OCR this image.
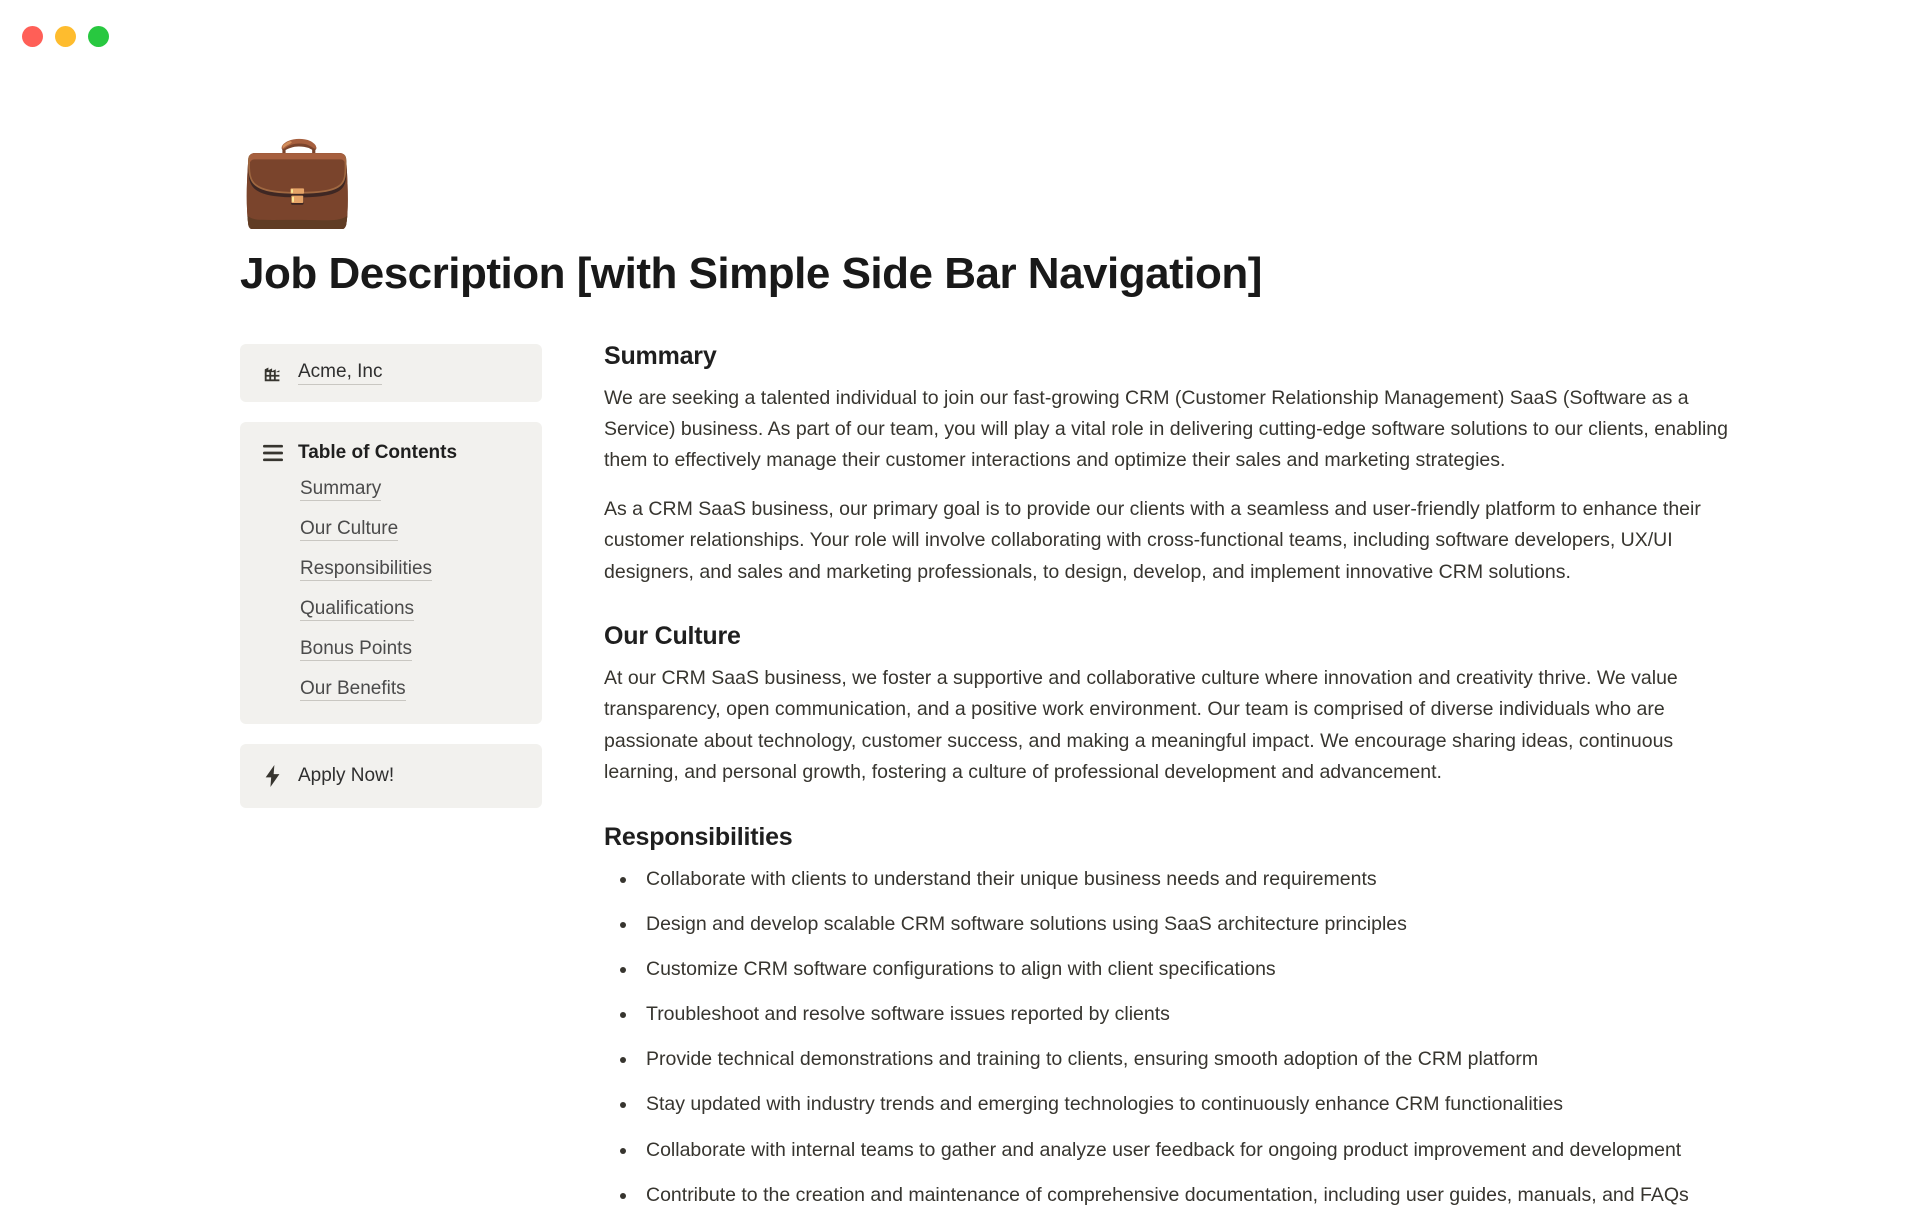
💼
Job Description [with Simple Side Bar Navigation]
Acme, Inc
Table of Contents
Summary
Our Culture
Responsibilities
Qualifications
Bonus Points
Our Benefits
Apply Now!
Summary

We are seeking a talented individual to join our fast-growing CRM (Customer Relationship Management) SaaS (Software as a Service) business. As part of our team, you will play a vital role in delivering cutting-edge software solutions to our clients, enabling them to effectively manage their customer interactions and optimize their sales and marketing strategies.

As a CRM SaaS business, our primary goal is to provide our clients with a seamless and user-friendly platform to enhance their customer relationships. Your role will involve collaborating with cross-functional teams, including software developers, UX/UI designers, and sales and marketing professionals, to design, develop, and implement innovative CRM solutions.

Our Culture

At our CRM SaaS business, we foster a supportive and collaborative culture where innovation and creativity thrive. We value transparency, open communication, and a positive work environment. Our team is comprised of diverse individuals who are passionate about technology, customer success, and making a meaningful impact. We encourage sharing ideas, continuous learning, and personal growth, fostering a culture of professional development and advancement.

Responsibilities
• Collaborate with clients to understand their unique business needs and requirements
• Design and develop scalable CRM software solutions using SaaS architecture principles
• Customize CRM software configurations to align with client specifications
• Troubleshoot and resolve software issues reported by clients
• Provide technical demonstrations and training to clients, ensuring smooth adoption of the CRM platform
• Stay updated with industry trends and emerging technologies to continuously enhance CRM functionalities
• Collaborate with internal teams to gather and analyze user feedback for ongoing product improvement and development
• Contribute to the creation and maintenance of comprehensive documentation, including user guides, manuals, and FAQs
